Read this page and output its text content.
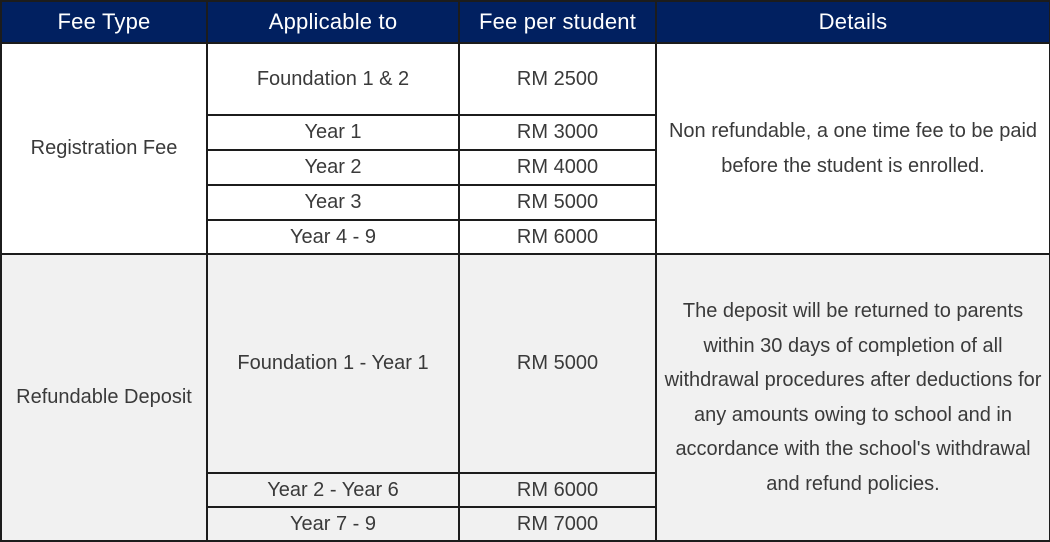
Fee Type	Applicable to	Fee per student	Details
Registration Fee	Foundation 1 & 2	RM 2500	Non refundable, a one time fee to be paid before the student is enrolled.
	Year 1	RM 3000	
	Year 2	RM 4000	
	Year 3	RM 5000	
	Year 4 - 9	RM 6000	
Refundable Deposit	Foundation 1 - Year 1	RM 5000	The deposit will be returned to parents within 30 days of completion of all withdrawal procedures after deductions for any amounts owing to school and in accordance with the school's withdrawal and refund policies.
	Year 2 - Year 6	RM 6000	
	Year 7 - 9	RM 7000	
